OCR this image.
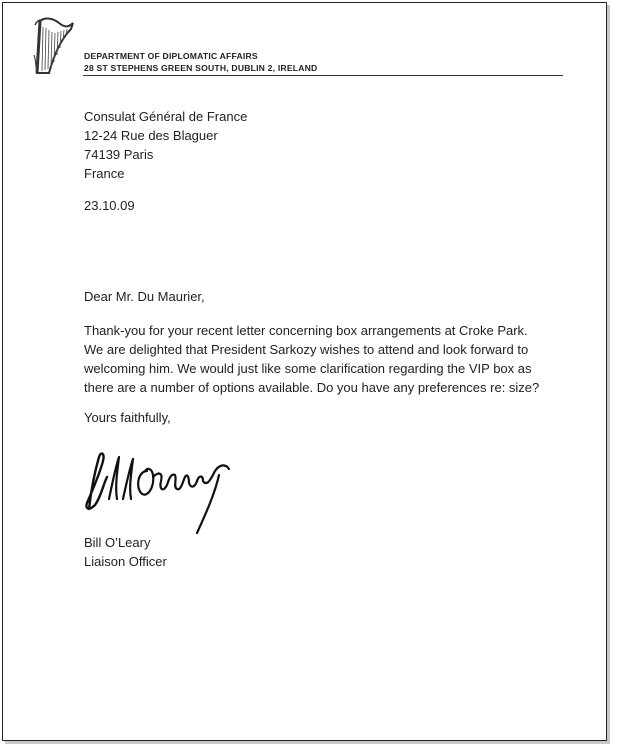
DEPARTMENT OF DIPLOMATIC AFFAIRS
28 ST STEPHENS GREEN SOUTH, DUBLIN 2, IRELAND
Consulat Général de France
12-24 Rue des Blaguer
74139 Paris
France
23.10.09
Dear Mr. Du Maurier,
Thank-you for your recent letter concerning box arrangements at Croke Park.
We are delighted that President Sarkozy wishes to attend and look forward to
welcoming him. We would just like some clarification regarding the VIP box as
there are a number of options available. Do you have any preferences re: size?
Yours faithfully,
Bill O’Leary
Liaison Officer
